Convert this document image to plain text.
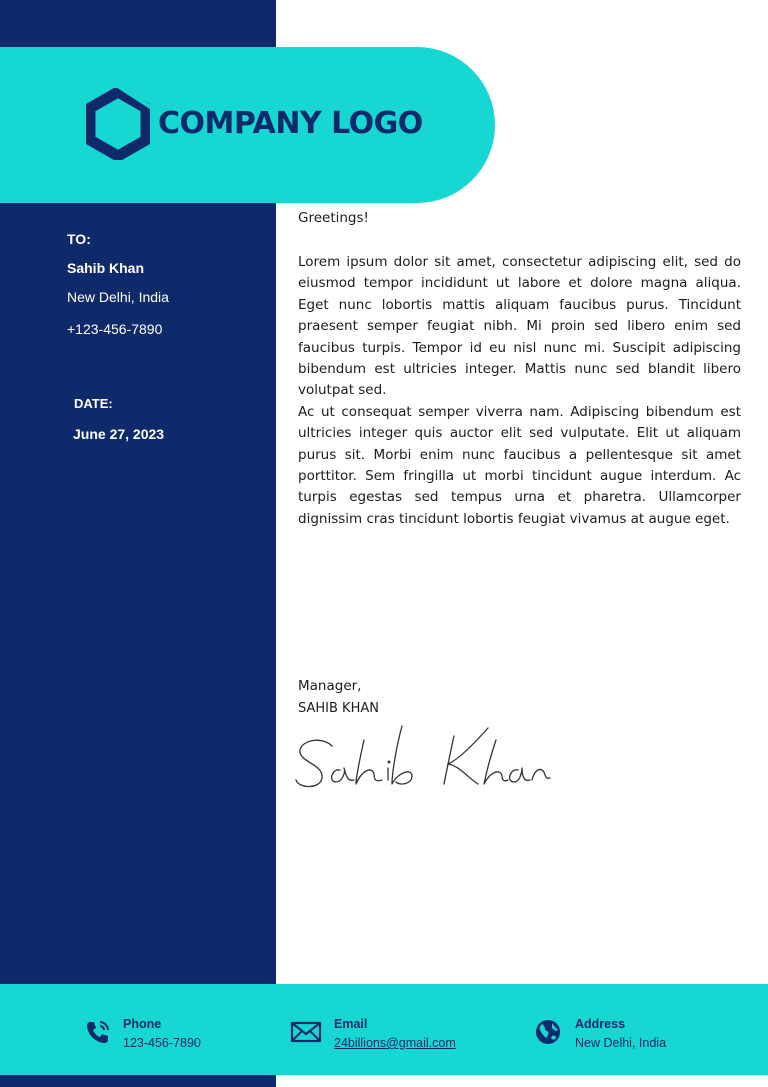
COMPANY LOGO
TO:
Sahib Khan
New Delhi, India
+123-456-7890
DATE:
June 27, 2023
Greetings!

Lorem ipsum dolor sit amet, consectetur adipiscing elit, sed do eiusmod tempor incididunt ut labore et dolore magna aliqua. Eget nunc lobortis mattis aliquam faucibus purus. Tincidunt praesent semper feugiat nibh. Mi proin sed libero enim sed faucibus turpis. Tempor id eu nisl nunc mi. Suscipit adipiscing bibendum est ultricies integer. Mattis nunc sed blandit libero volutpat sed.

Ac ut consequat semper viverra nam. Adipiscing bibendum est ultricies integer quis auctor elit sed vulputate. Elit ut aliquam purus sit. Morbi enim nunc faucibus a pellentesque sit amet porttitor. Sem fringilla ut morbi tincidunt augue interdum. Ac turpis egestas sed tempus urna et pharetra. Ullamcorper dignissim cras tincidunt lobortis feugiat vivamus at augue eget.

Manager,
SAHIB KHAN
Phone
123-456-7890
Email
24billions@gmail.com
Address
New Delhi, India
